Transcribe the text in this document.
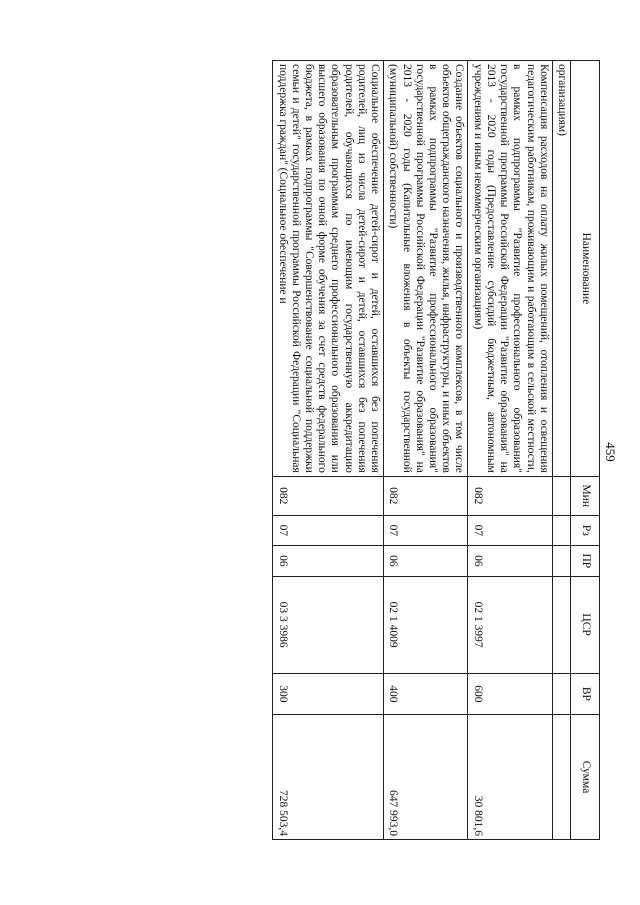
459
Наименование	Мин	Рз	ПР	ЦСР	ВР	Сумма
организациям)						
Компенсация расходов на оплату жилых помещений, отопления и освещения педагогическим работникам, проживающим и работающим в сельской местности, в рамках подпрограммы "Развитие профессионального образования" государственной программы Российской Федерации "Развитие образования" на 2013 - 2020 годы (Предоставление субсидий бюджетным, автономным учреждениям и иным некоммерческим организациям)	082	07	06	02 1 3997	600	30 801,6
Создание объектов социального и производственного комплексов, в том числе объектов общегражданского назначения, жилья, инфраструктуры, и иных объектов в рамках подпрограммы "Развитие профессионального образования" государственной программы Российской Федерации "Развитие образования" на 2013 - 2020 годы (Капитальные вложения в объекты государственной (муниципальной) собственности)	082	07	06	02 1 4009	400	647 993,0
Социальное обеспечение детей-сирот и детей, оставшихся без попечения родителей, лиц из числа детей-сирот и детей, оставшихся без попечения родителей, обучающихся по имеющим государственную аккредитацию образовательным программам среднего профессионального образования или высшего образования по очной форме обучения за счет средств федерального бюджета, в рамках подпрограммы "Совершенствование социальной поддержки семьи и детей" государственной программы Российской Федерации "Социальная поддержка граждан" (Социальное обеспечение и	082	07	06	03 3 3986	300	728 503,4
